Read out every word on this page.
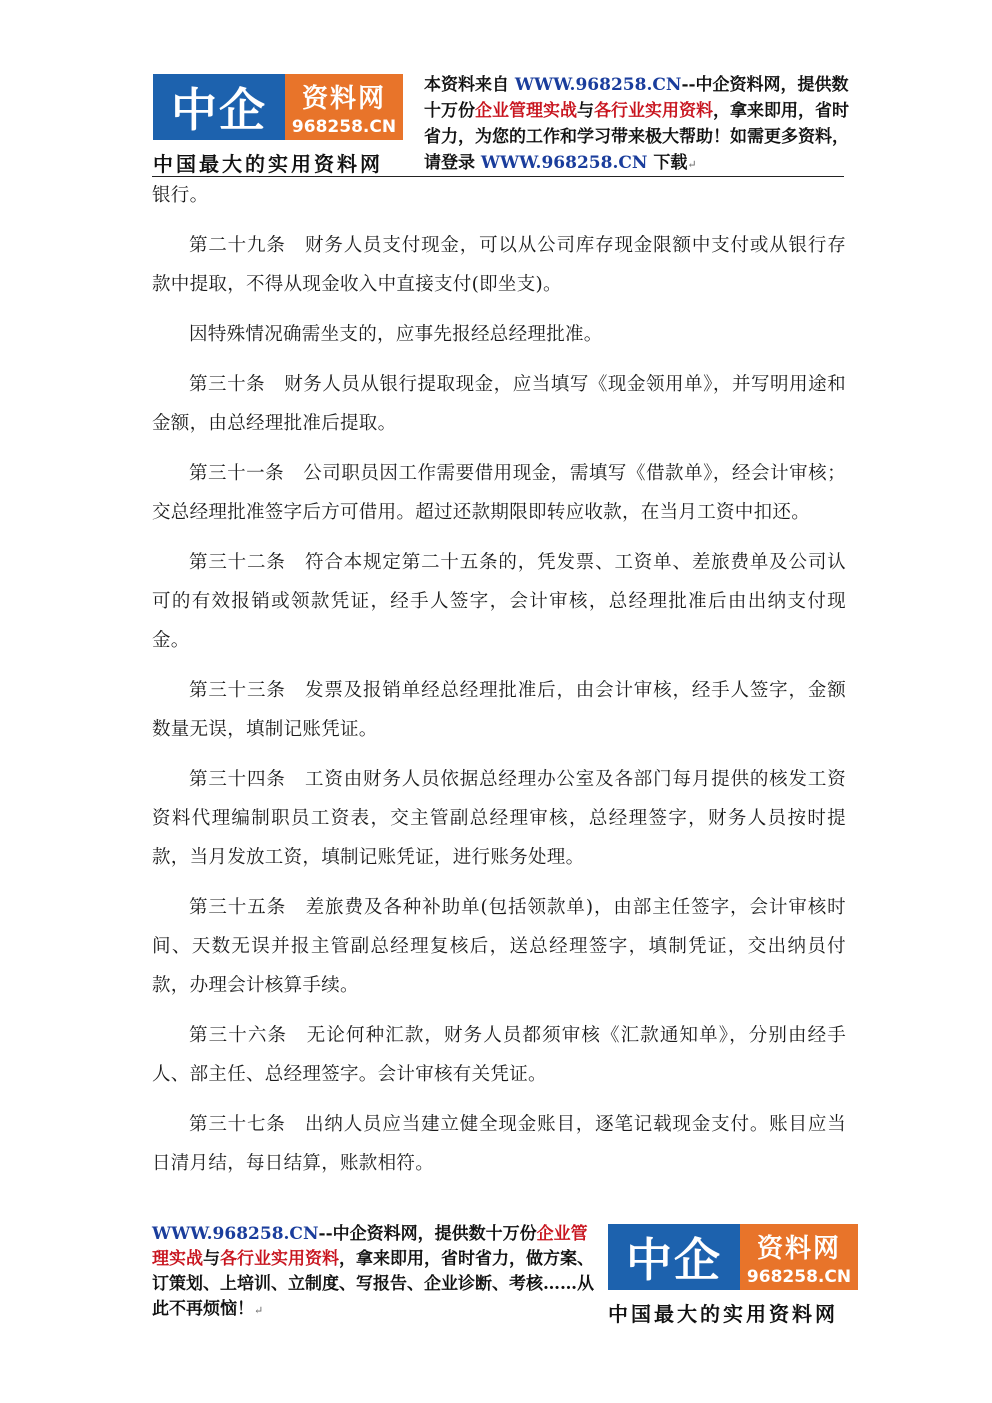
中企	资料网
968258.CN
中国最大的实用资料网
本资料来自 WWW.968258.CN--中企资料网，提供数十万份企业管理实战与各行业实用资料，拿来即用，省时省力，为您的工作和学习带来极大帮助！如需更多资料，请登录 WWW.968258.CN 下载↵

银行。

第二十九条　财务人员支付现金，可以从公司库存现金限额中支付或从银行存款中提取，不得从现金收入中直接支付(即坐支)。

因特殊情况确需坐支的，应事先报经总经理批准。

第三十条　财务人员从银行提取现金，应当填写《现金领用单》，并写明用途和金额，由总经理批准后提取。

第三十一条　公司职员因工作需要借用现金，需填写《借款单》，经会计审核；交总经理批准签字后方可借用。超过还款期限即转应收款，在当月工资中扣还。

第三十二条　符合本规定第二十五条的，凭发票、工资单、差旅费单及公司认可的有效报销或领款凭证，经手人签字，会计审核，总经理批准后由出纳支付现金。

第三十三条　发票及报销单经总经理批准后，由会计审核，经手人签字，金额数量无误，填制记账凭证。

第三十四条　工资由财务人员依据总经理办公室及各部门每月提供的核发工资资料代理编制职员工资表，交主管副总经理审核，总经理签字，财务人员按时提款，当月发放工资，填制记账凭证，进行账务处理。

第三十五条　差旅费及各种补助单(包括领款单)，由部主任签字，会计审核时间、天数无误并报主管副总经理复核后，送总经理签字，填制凭证，交出纳员付款，办理会计核算手续。

第三十六条　无论何种汇款，财务人员都须审核《汇款通知单》，分别由经手人、部主任、总经理签字。会计审核有关凭证。

第三十七条　出纳人员应当建立健全现金账目，逐笔记载现金支付。账目应当日清月结，每日结算，账款相符。

WWW.968258.CN--中企资料网，提供数十万份企业管理实战与各行业实用资料，拿来即用，省时省力，做方案、 订策划、上培训、立制度、写报告、企业诊断、考核……从此不再烦恼！↵
中企	资料网
968258.CN
中国最大的实用资料网
